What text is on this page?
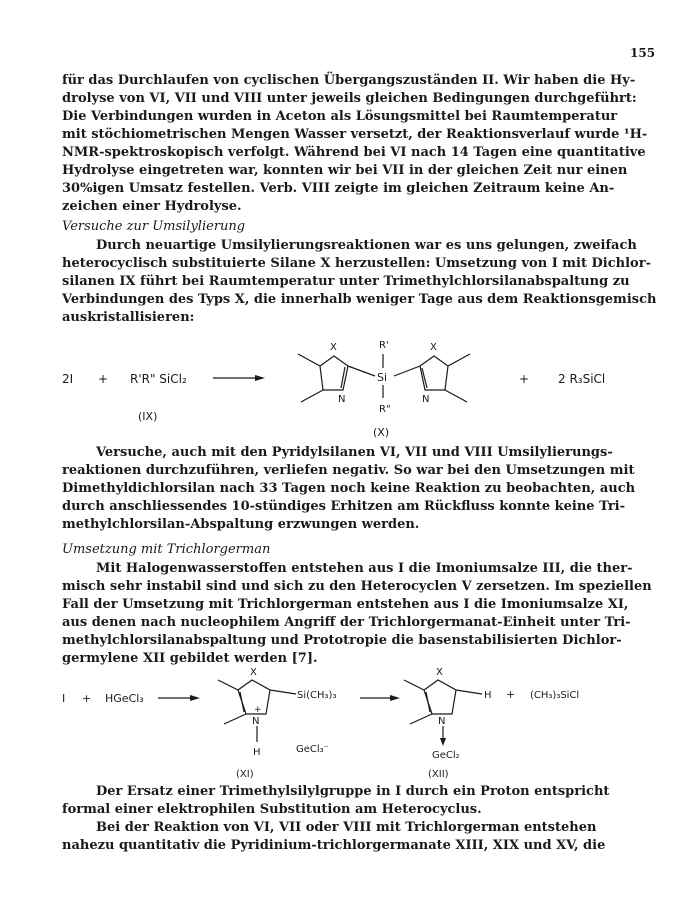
155
für das Durchlaufen von cyclischen Übergangszuständen II. Wir haben die Hy-
drolyse von VI, VII und VIII unter jeweils gleichen Bedingungen durchgeführt:
Die Verbindungen wurden in Aceton als Lösungsmittel bei Raumtemperatur
mit stöchiometrischen Mengen Wasser versetzt, der Reaktionsverlauf wurde ¹H-
NMR-spektroskopisch verfolgt. Während bei VI nach 14 Tagen eine quantitative
Hydrolyse eingetreten war, konnten wir bei VII in der gleichen Zeit nur einen
30%igen Umsatz festellen. Verb. VIII zeigte im gleichen Zeitraum keine An-
zeichen einer Hydrolyse.
Versuche zur Umsilylierung
Durch neuartige Umsilylierungsreaktionen war es uns gelungen, zweifach
heterocyclisch substituierte Silane X herzustellen: Umsetzung von I mit Dichlor-
silanen IX führt bei Raumtemperatur unter Trimethylchlorsilanabspaltung zu
Verbindungen des Typs X, die innerhalb weniger Tage aus dem Reaktionsgemisch
auskristallisieren:
2I + R'R" SiCl₂
(IX)
X
N
Si
R'
R"
X
N
+ 2 R₃SiCl
(X)
Versuche, auch mit den Pyridylsilanen VI, VII und VIII Umsilylierungs-
reaktionen durchzuführen, verliefen negativ. So war bei den Umsetzungen mit
Dimethyldichlorsilan nach 33 Tagen noch keine Reaktion zu beobachten, auch
durch anschliessendes 10-stündiges Erhitzen am Rückfluss konnte keine Tri-
methylchlorsilan-Abspaltung erzwungen werden.
Umsetzung mit Trichlorgerman
Mit Halogenwasserstoffen entstehen aus I die Imoniumsalze III, die ther-
misch sehr instabil sind und sich zu den Heterocyclen V zersetzen. Im speziellen
Fall der Umsetzung mit Trichlorgerman entstehen aus I die Imoniumsalze XI,
aus denen nach nucleophilem Angriff der Trichlorgermanat-Einheit unter Tri-
methylchlorsilanabspaltung und Prototropie die basenstabilisierten Dichlor-
germylene XII gebildet werden [7].
I + HGeCl₃
X
+
N
H
Si(CH₃)₃
GeCl₃⁻
(XI)
X
N
H
GeCl₂
(XII)
+ (CH₃)₃SiCl
Der Ersatz einer Trimethylsilylgruppe in I durch ein Proton entspricht
formal einer elektrophilen Substitution am Heterocyclus.
Bei der Reaktion von VI, VII oder VIII mit Trichlorgerman entstehen
nahezu quantitativ die Pyridinium-trichlorgermanate XIII, XIX und XV, die
